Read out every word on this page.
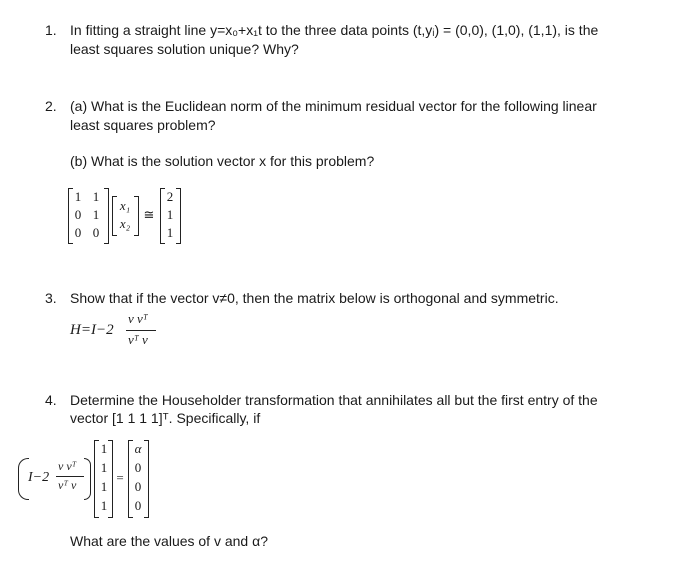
1. In fitting a straight line y=x₀+x₁t to the three data points (t,yᵢ) = (0,0), (1,0), (1,1), is the
least squares solution unique? Why?
2. (a) What is the Euclidean norm of the minimum residual vector for the following linear
least squares problem?
(b) What is the solution vector x for this problem?
1 1
0 1
0 0
x₁
x₂
≅
2
1
1
3. Show that if the vector v≠0, then the matrix below is orthogonal and symmetric.
H=I−2
v vᵀ
vᵀ v
4. Determine the Householder transformation that annihilates all but the first entry of the
vector [1 1 1 1]ᵀ. Specifically, if
I−2
v vᵀ
vᵀ v
1
1
1
1
=
α
0
0
0
What are the values of v and α?
